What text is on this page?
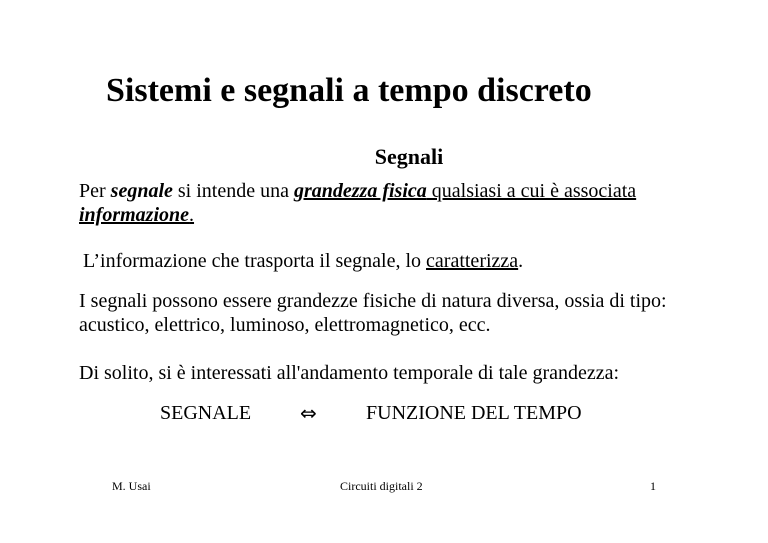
Sistemi e segnali a tempo discreto
Segnali
Per segnale si intende una grandezza fisica qualsiasi a cui è associata
informazione.
L’informazione che trasporta il segnale, lo caratterizza.
I segnali possono essere grandezze fisiche di natura diversa, ossia di tipo: acustico, elettrico, luminoso, elettromagnetico, ecc.
Di solito, si è interessati all'andamento temporale di tale grandezza:
SEGNALE ⇔ FUNZIONE DEL TEMPO
M. Usai	Circuiti digitali 2	1
